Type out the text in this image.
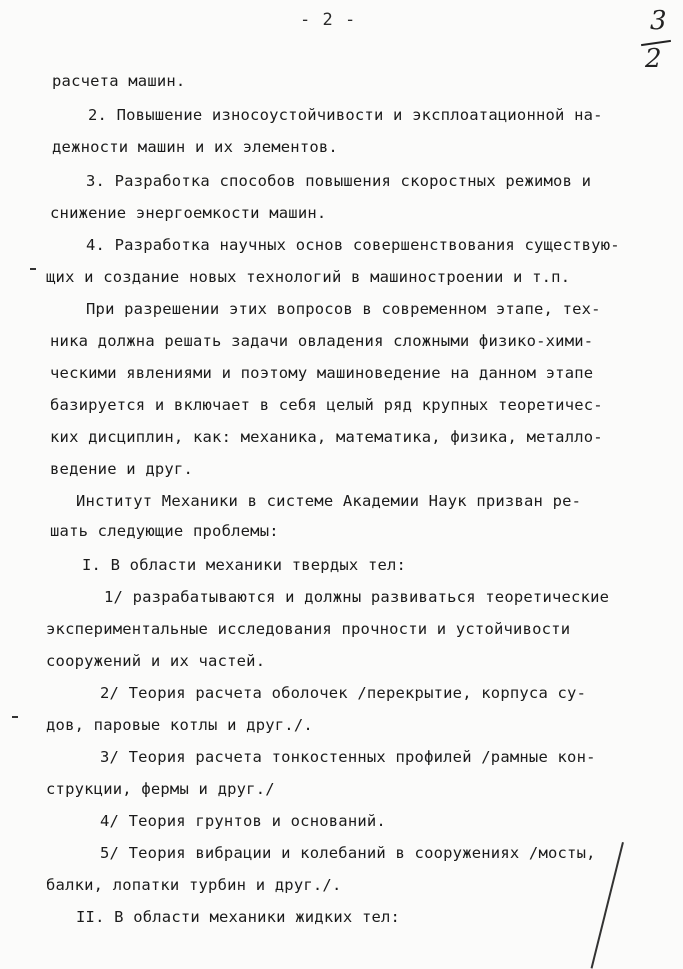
- 2 -	3
2
расчета машин.
2. Повышение износоустойчивости и эксплоатационной на-
дежности машин и их элементов.
3. Разработка способов повышения скоростных режимов и
снижение энергоемкости машин.
4. Разработка научных основ совершенствования существую-
щих и создание новых технологий в машиностроении и т.п.
При разрешении этих вопросов в современном этапе, тех-
ника должна решать задачи овладения сложными физико-хими-
ческими явлениями и поэтому машиноведение на данном этапе
базируется и включает в себя целый ряд крупных теоретичес-
ких дисциплин, как: механика, математика, физика, металло-
ведение и друг.
Институт Механики в системе Академии Наук призван ре-
шать следующие проблемы:
I. В области механики твердых тел:
1/ разрабатываются и должны развиваться теоретические
экспериментальные исследования прочности и устойчивости
сооружений и их частей.
2/ Теория расчета оболочек /перекрытие, корпуса су-
дов, паровые котлы и друг./.
3/ Теория расчета тонкостенных профилей /рамные кон-
струкции, фермы и друг./
4/ Теория грунтов и оснований.
5/ Теория вибрации и колебаний в сооружениях /мосты,
балки, лопатки турбин и друг./.
II. В области механики жидких тел:
